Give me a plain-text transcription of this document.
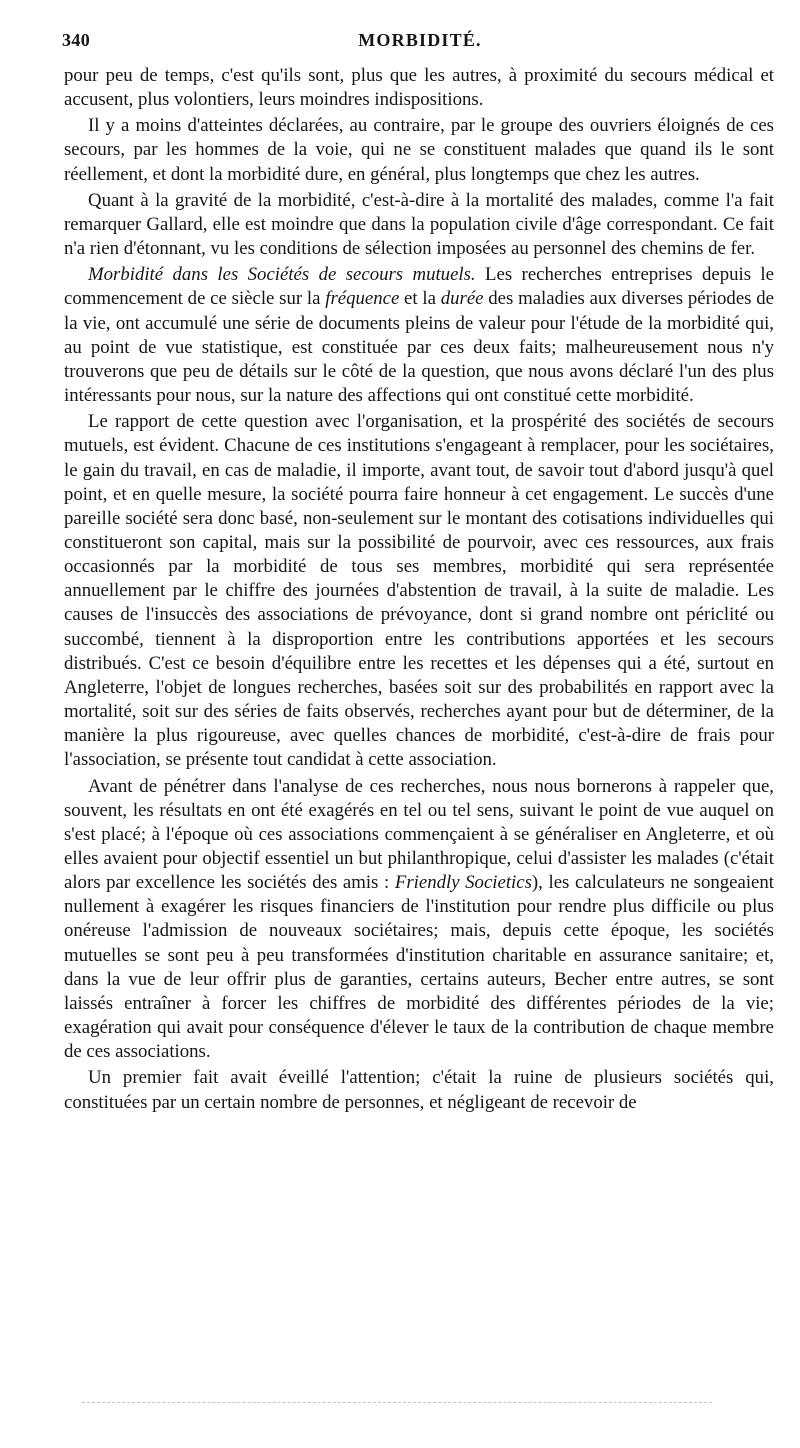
340	MORBIDITÉ.

pour peu de temps, c'est qu'ils sont, plus que les autres, à proximité du secours médical et accusent, plus volontiers, leurs moindres indispositions.

Il y a moins d'atteintes déclarées, au contraire, par le groupe des ouvriers éloignés de ces secours, par les hommes de la voie, qui ne se constituent malades que quand ils le sont réellement, et dont la morbidité dure, en général, plus longtemps que chez les autres.

Quant à la gravité de la morbidité, c'est-à-dire à la mortalité des malades, comme l'a fait remarquer Gallard, elle est moindre que dans la population civile d'âge correspondant. Ce fait n'a rien d'étonnant, vu les conditions de sélection imposées au personnel des chemins de fer.

Morbidité dans les Sociétés de secours mutuels. Les recherches entreprises depuis le commencement de ce siècle sur la fréquence et la durée des maladies aux diverses périodes de la vie, ont accumulé une série de documents pleins de valeur pour l'étude de la morbidité qui, au point de vue statistique, est constituée par ces deux faits; malheureusement nous n'y trouverons que peu de détails sur le côté de la question, que nous avons déclaré l'un des plus intéressants pour nous, sur la nature des affections qui ont constitué cette morbidité.

Le rapport de cette question avec l'organisation, et la prospérité des sociétés de secours mutuels, est évident. Chacune de ces institutions s'engageant à remplacer, pour les sociétaires, le gain du travail, en cas de maladie, il importe, avant tout, de savoir tout d'abord jusqu'à quel point, et en quelle mesure, la société pourra faire honneur à cet engagement. Le succès d'une pareille société sera donc basé, non-seulement sur le montant des cotisations individuelles qui constitueront son capital, mais sur la possibilité de pourvoir, avec ces ressources, aux frais occasionnés par la morbidité de tous ses membres, morbidité qui sera représentée annuellement par le chiffre des journées d'abstention de travail, à la suite de maladie. Les causes de l'insuccès des associations de prévoyance, dont si grand nombre ont périclité ou succombé, tiennent à la disproportion entre les contributions apportées et les secours distribués. C'est ce besoin d'équilibre entre les recettes et les dépenses qui a été, surtout en Angleterre, l'objet de longues recherches, basées soit sur des probabilités en rapport avec la mortalité, soit sur des séries de faits observés, recherches ayant pour but de déterminer, de la manière la plus rigoureuse, avec quelles chances de morbidité, c'est-à-dire de frais pour l'association, se présente tout candidat à cette association.

Avant de pénétrer dans l'analyse de ces recherches, nous nous bornerons à rappeler que, souvent, les résultats en ont été exagérés en tel ou tel sens, suivant le point de vue auquel on s'est placé; à l'époque où ces associations commençaient à se généraliser en Angleterre, et où elles avaient pour objectif essentiel un but philanthropique, celui d'assister les malades (c'était alors par excellence les sociétés des amis : Friendly Societics), les calculateurs ne songeaient nullement à exagérer les risques financiers de l'institution pour rendre plus difficile ou plus onéreuse l'admission de nouveaux sociétaires; mais, depuis cette époque, les sociétés mutuelles se sont peu à peu transformées d'institution charitable en assurance sanitaire; et, dans la vue de leur offrir plus de garanties, certains auteurs, Becher entre autres, se sont laissés entraîner à forcer les chiffres de morbidité des différentes périodes de la vie; exagération qui avait pour conséquence d'élever le taux de la contribution de chaque membre de ces associations.

Un premier fait avait éveillé l'attention; c'était la ruine de plusieurs sociétés qui, constituées par un certain nombre de personnes, et négligeant de recevoir de
